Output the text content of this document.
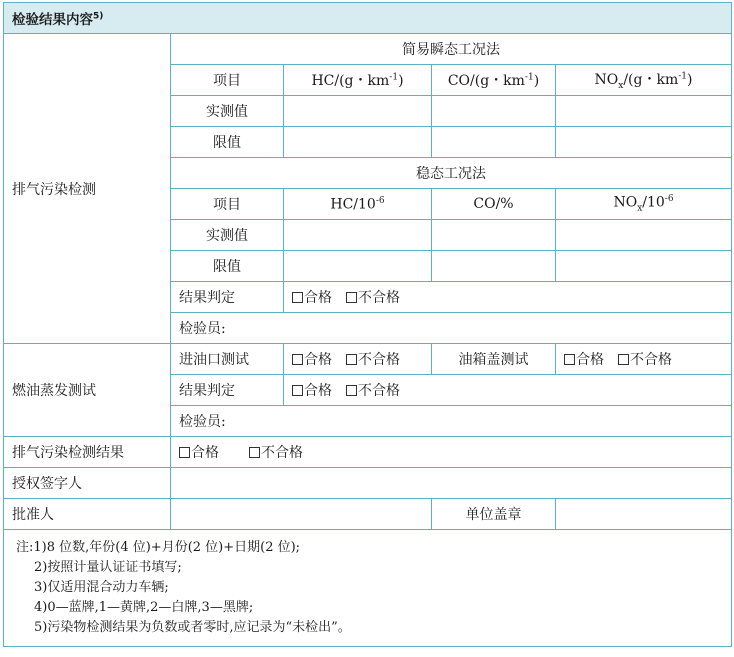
检验结果内容$^{5)}$
排气污染检测	简易瞬态工况法			
	项目	HC/(g・$km^{-1}$)	CO/(g・$km^{-1}$)	$NO_x/(g$・$km^{-1}$)
	实测值			
	限值			
	稳态工况法			
	项目	$HC/10^{-6}$	CO/%	$NO_x/10^{-6}$
	实测值			
	限值			
	结果判定	合格 不合格		
	检验员:			
燃油蒸发测试	进油口测试	合格 不合格	油箱盖测试	合格 不合格
	结果判定	合格 不合格		
	检验员:			
排气污染检测结果	合格 不合格			
授权签字人				
批准人			单位盖章	

注:1)8 位数,年份(4 位)+月份(2 位)+日期(2 位);
2)按照计量认证证书填写;
3)仅适用混合动力车辆;
4)0—蓝牌,1—黄牌,2—白牌,3—黑牌;
5)污染物检测结果为负数或者零时,应记录为“未检出”。				
